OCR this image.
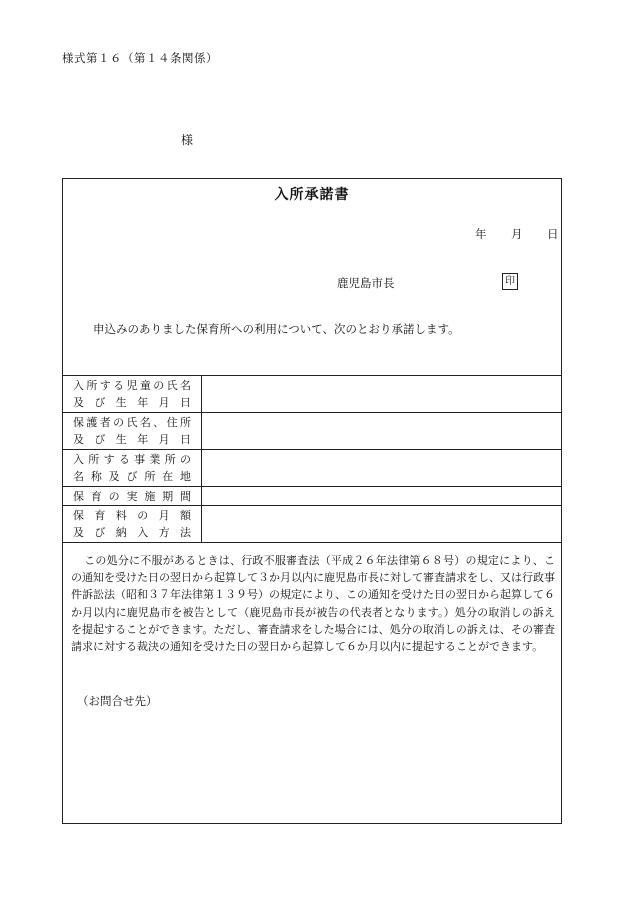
様式第１６（第１４条関係）
様
入所承諾書
年 月 日
鹿児島市長	印
申込みのありました保育所への利用について、次のとおり承諾します。
入所する児童の氏名
及び生年月日	

保護者の氏名、住所
及び生年月日	

入所する事業所の
名称及び所在地	

保育の実施期間	

保育料の月額
及び納入方法	

この処分に不服があるときは、行政不服審査法（平成２６年法律第６８号）の規定により、この通知を受けた日の翌日から起算して３か月以内に鹿児島市長に対して審査請求をし、又は行政事件訴訟法（昭和３７年法律第１３９号）の規定により、この通知を受けた日の翌日から起算して６か月以内に鹿児島市を被告として（鹿児島市長が被告の代表者となります。）処分の取消しの訴えを提起することができます。ただし、審査請求をした場合には、処分の取消しの訴えは、その審査請求に対する裁決の通知を受けた日の翌日から起算して６か月以内に提起することができます。
（お問合せ先）
